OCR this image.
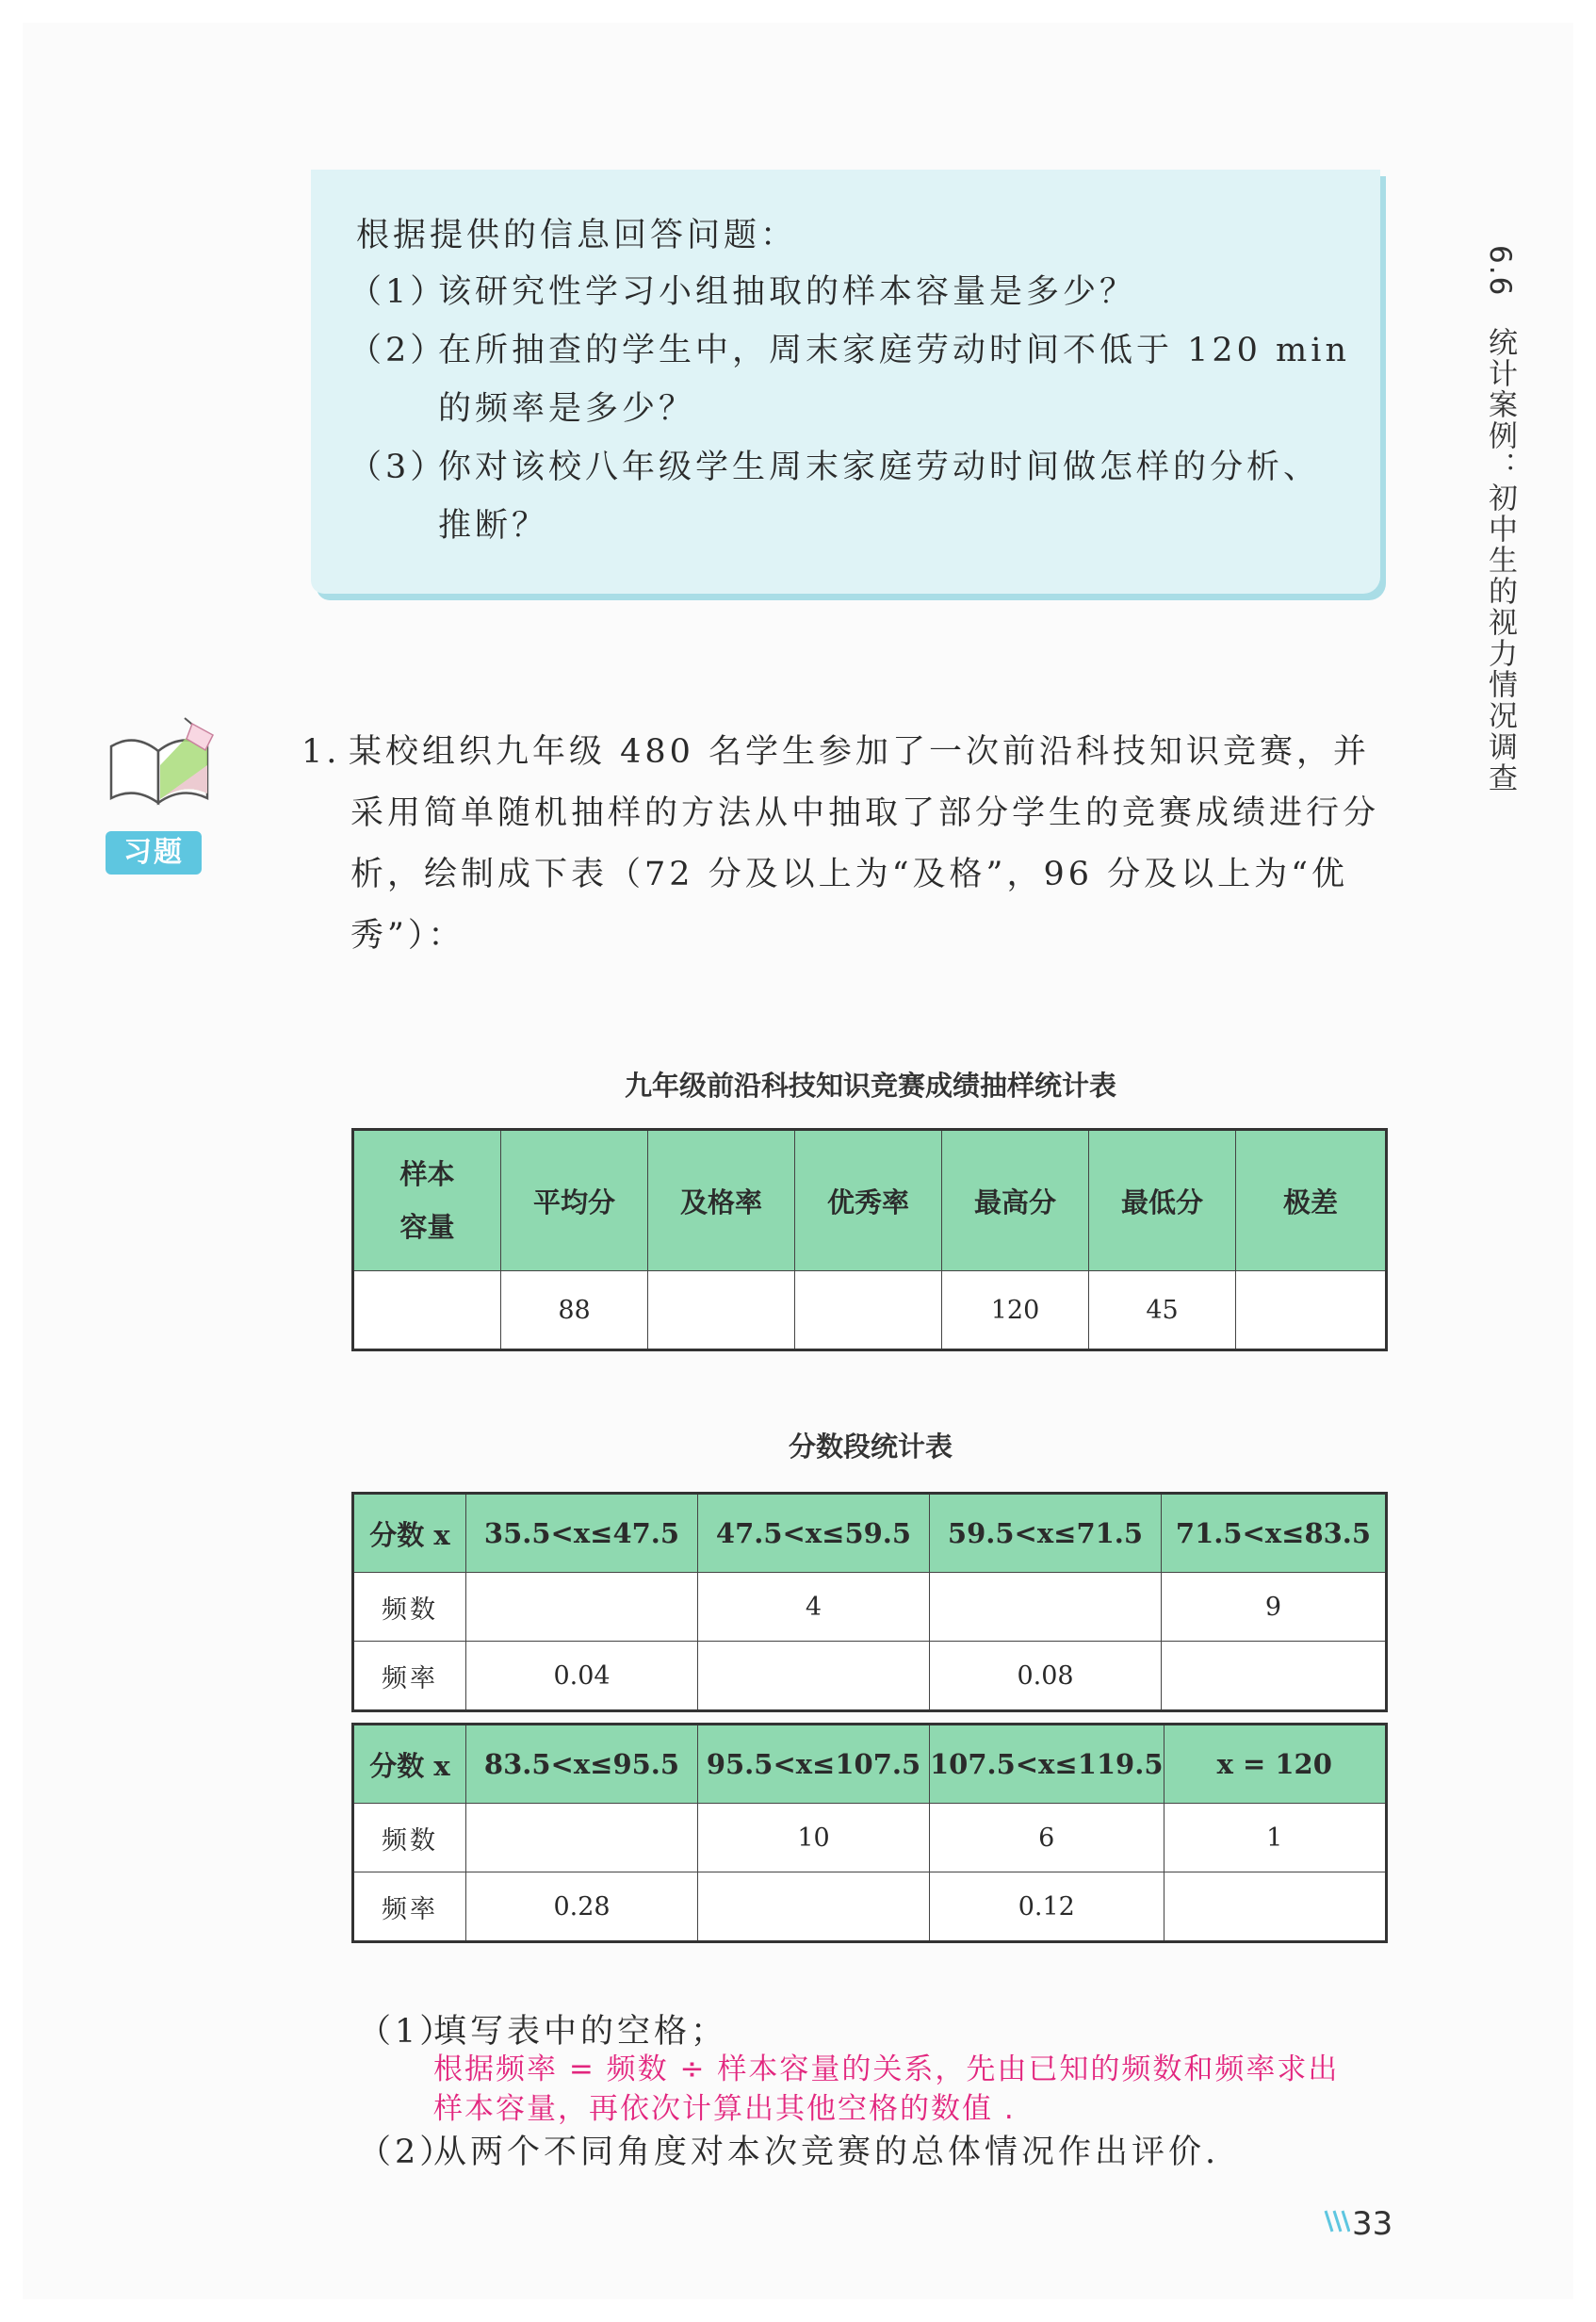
根据提供的信息回答问题：
（1）该研究性学习小组抽取的样本容量是多少？
（2）在所抽查的学生中，周末家庭劳动时间不低于 120 min
的频率是多少？
（3）你对该校八年级学生周末家庭劳动时间做怎样的分析、
推断？
6.6 统计案例：初中生的视力情况调查
习题
1. 某校组织九年级 480 名学生参加了一次前沿科技知识竞赛，并
采用简单随机抽样的方法从中抽取了部分学生的竞赛成绩进行分
析，绘制成下表（72 分及以上为“及格”，96 分及以上为“优
秀”）：
九年级前沿科技知识竞赛成绩抽样统计表
样本
容量	平均分	及格率	优秀率	最高分	最低分	极差
	88			120	45	
分数段统计表
分数 x	35.5<x≤47.5	47.5<x≤59.5	59.5<x≤71.5	71.5<x≤83.5
频数		4		9
频率	0.04		0.08	
分数 x	83.5<x≤95.5	95.5<x≤107.5	107.5<x≤119.5	x = 120
频数		10	6	1
频率	0.28		0.12	
（1）填写表中的空格；
根据频率 = 频数 ÷ 样本容量的关系，先由已知的频数和频率求出
样本容量，再依次计算出其他空格的数值 .
（2）从两个不同角度对本次竞赛的总体情况作出评价.
33
